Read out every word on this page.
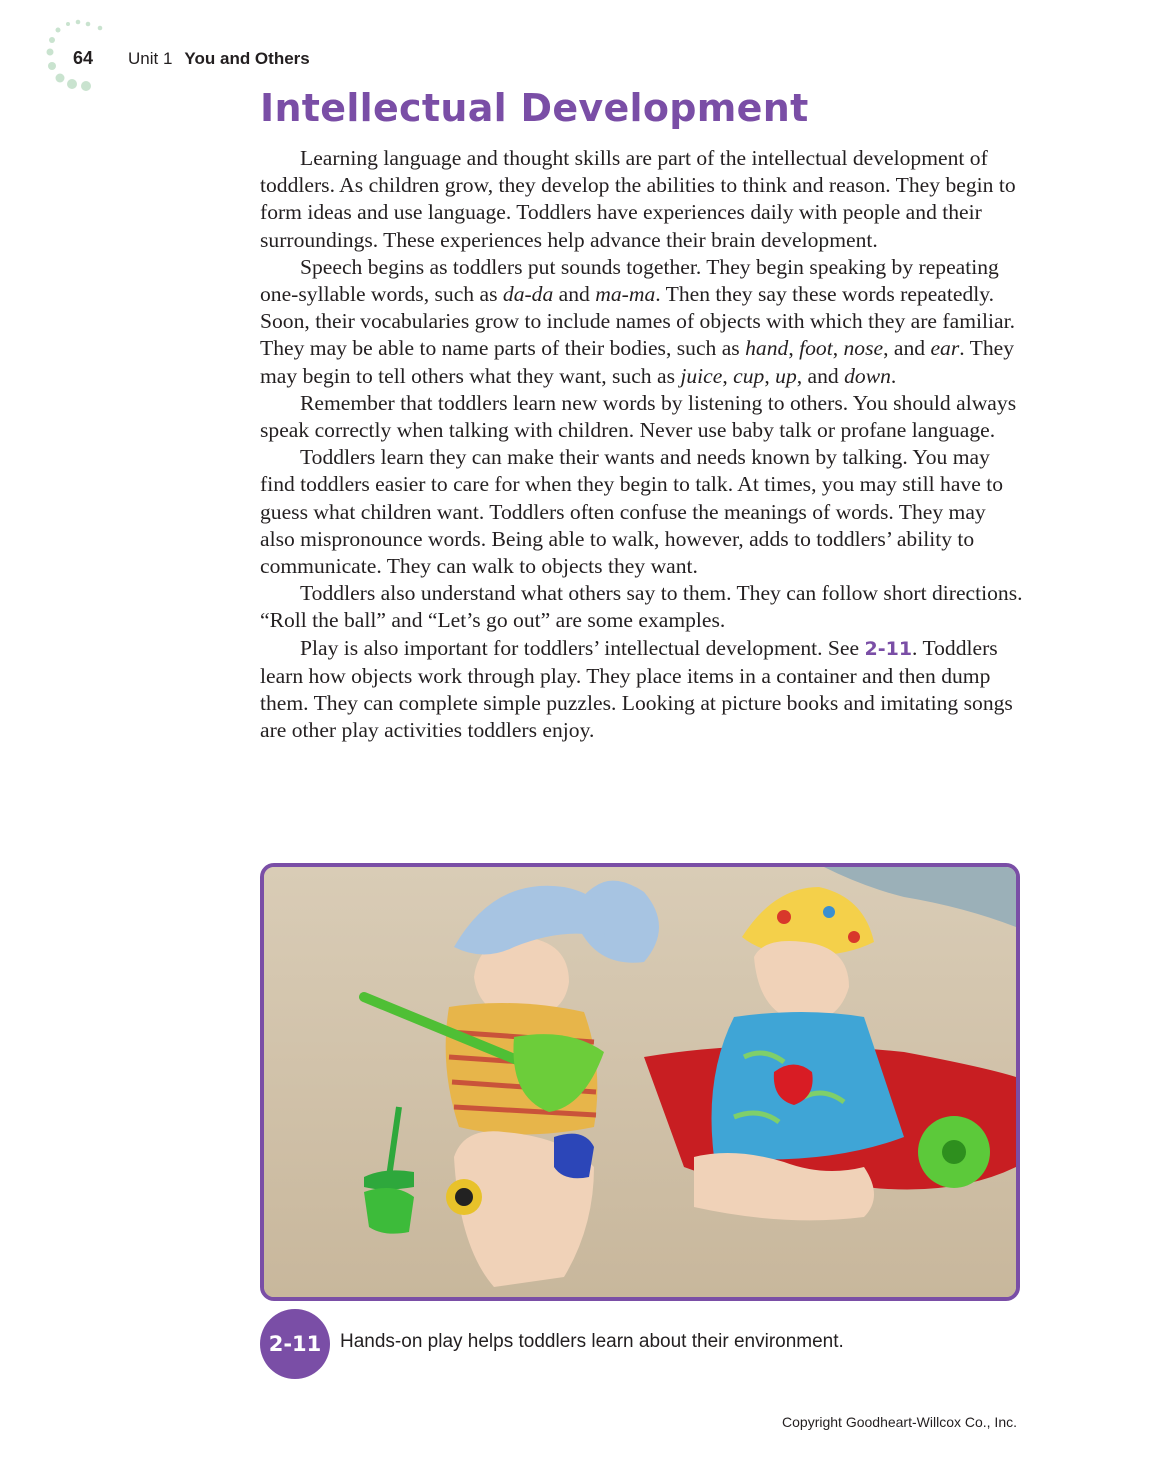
64 Unit 1 You and Others
Intellectual Development

Learning language and thought skills are part of the intellectual development of toddlers. As children grow, they develop the abilities to think and reason. They begin to form ideas and use language. Toddlers have experiences daily with people and their surroundings. These experiences help advance their brain development.

Speech begins as toddlers put sounds together. They begin speaking by repeating one-syllable words, such as da-da and ma-ma. Then they say these words repeatedly. Soon, their vocabularies grow to include names of objects with which they are familiar. They may be able to name parts of their bodies, such as hand, foot, nose, and ear. They may begin to tell others what they want, such as juice, cup, up, and down.

Remember that toddlers learn new words by listening to others. You should always speak correctly when talking with children. Never use baby talk or profane language.

Toddlers learn they can make their wants and needs known by talking. You may find toddlers easier to care for when they begin to talk. At times, you may still have to guess what children want. Toddlers often confuse the meanings of words. They may also mispronounce words. Being able to walk, however, adds to toddlers’ ability to communicate. They can walk to objects they want.

Toddlers also understand what others say to them. They can follow short directions. “Roll the ball” and “Let’s go out” are some examples.

Play is also important for toddlers’ intellectual development. See 2-11. Toddlers learn how objects work through play. They place items in a container and then dump them. They can complete simple puzzles. Looking at picture books and imitating songs are other play activities toddlers enjoy.

2-11 Hands-on play helps toddlers learn about their environment.
Copyright Goodheart-Willcox Co., Inc.
